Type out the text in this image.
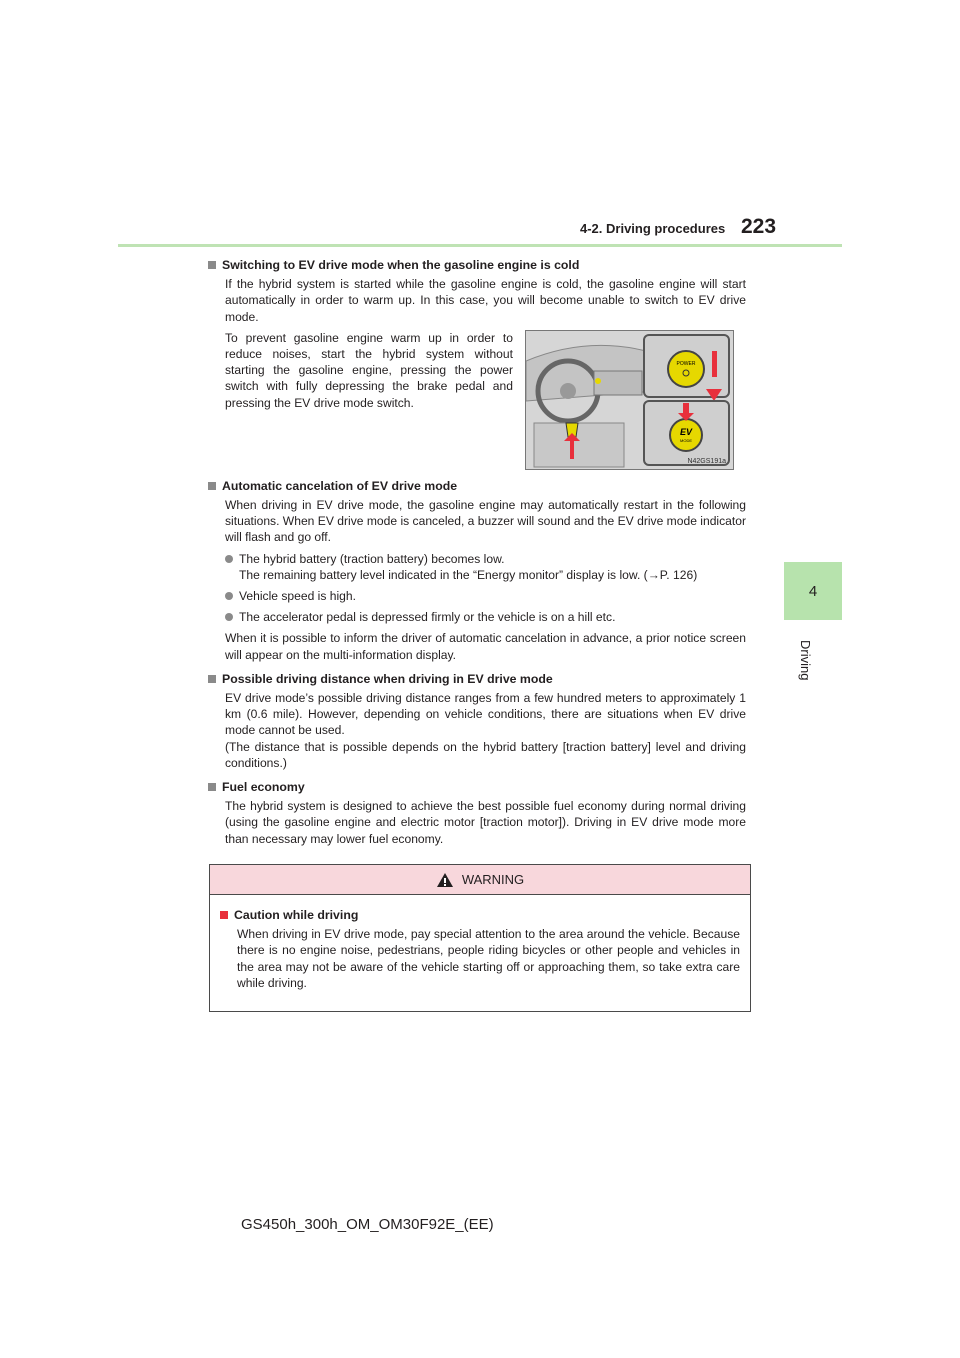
4-2. Driving procedures 223
4
Driving
Switching to EV drive mode when the gasoline engine is cold
If the hybrid system is started while the gasoline engine is cold, the gasoline engine will start automatically in order to warm up. In this case, you will become unable to switch to EV drive mode.
To prevent gasoline engine warm up in order to reduce noises, start the hybrid system without starting the gasoline engine, pressing the power switch with fully depressing the brake pedal and pressing the EV drive mode switch.
POWER
EV
MODE
N42GS191a
Automatic cancelation of EV drive mode
When driving in EV drive mode, the gasoline engine may automatically restart in the following situations. When EV drive mode is canceled, a buzzer will sound and the EV drive mode indicator will flash and go off.
The hybrid battery (traction battery) becomes low.
The remaining battery level indicated in the “Energy monitor” display is low. (→P. 126)
Vehicle speed is high.
The accelerator pedal is depressed firmly or the vehicle is on a hill etc.
When it is possible to inform the driver of automatic cancelation in advance, a prior notice screen will appear on the multi-information display.
Possible driving distance when driving in EV drive mode
EV drive mode’s possible driving distance ranges from a few hundred meters to approximately 1 km (0.6 mile). However, depending on vehicle conditions, there are situations when EV drive mode cannot be used.
(The distance that is possible depends on the hybrid battery [traction battery] level and driving conditions.)
Fuel economy
The hybrid system is designed to achieve the best possible fuel economy during normal driving (using the gasoline engine and electric motor [traction motor]). Driving in EV drive mode more than necessary may lower fuel economy.
WARNING
Caution while driving
When driving in EV drive mode, pay special attention to the area around the vehicle. Because there is no engine noise, pedestrians, people riding bicycles or other people and vehicles in the area may not be aware of the vehicle starting off or approaching them, so take extra care while driving.
GS450h_300h_OM_OM30F92E_(EE)
